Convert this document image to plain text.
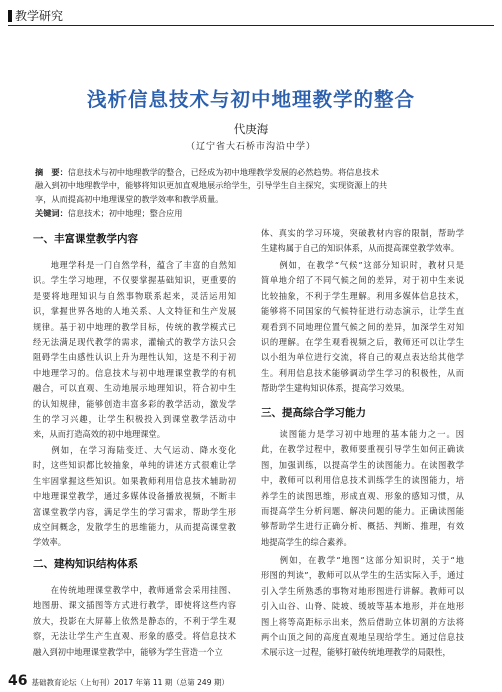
教学研究
浅析信息技术与初中地理教学的整合
代庚海
（辽宁省大石桥市沟沿中学）
摘　要：信息技术与初中地理教学的整合，已经成为初中地理教学发展的必然趋势。将信息技术
融入到初中地理教学中，能够将知识更加直观地展示给学生，引导学生自主探究，实现资源上的共
享，从而提高初中地理课堂的教学效率和教学质量。
关键词：信息技术；初中地理；整合应用
一、丰富课堂教学内容
　　地理学科是一门自然学科，蕴含了丰富的自然知
识。学生学习地理，不仅要掌握基础知识，更重要的
是要将地理知识与自然事物联系起来，灵活运用知
识，掌握世界各地的人地关系、人文特征和生产发展
规律。基于初中地理的教学目标，传统的教学模式已
经无法满足现代教学的需求，灌输式的教学方法只会
阻碍学生由感性认识上升为理性认知，这是不利于初
中地理学习的。信息技术与初中地理课堂教学的有机
融合，可以直观、生动地展示地理知识，符合初中生
的认知规律，能够创造丰富多彩的教学活动，激发学
生的学习兴趣，让学生积极投入到课堂教学活动中
来，从而打造高效的初中地理课堂。
　　例如，在学习海陆变迁、大气运动、降水变化
时，这些知识都比较抽象，单纯的讲述方式很难让学
生牢固掌握这些知识。如果教师利用信息技术辅助初
中地理课堂教学，通过多媒体设备播放视频，不断丰
富课堂教学内容，满足学生的学习需求，帮助学生形
成空间概念，发散学生的思维能力，从而提高课堂教
学效率。
二、建构知识结构体系
　　在传统地理课堂教学中，教师通常会采用挂图、
地图册、课文插图等方式进行教学，即使将这些内容
放大，投影在大屏幕上依然是静态的，不利于学生观
察，无法让学生产生直观、形象的感受。将信息技术
融入到初中地理课堂教学中，能够为学生营造一个立
体、真实的学习环境，突破教材内容的限制，帮助学
生建构属于自己的知识体系，从而提高课堂教学效率。
　　例如，在教学“气候”这部分知识时，教材只是
简单地介绍了不同气候之间的差异，对于初中生来说
比较抽象，不利于学生理解。利用多媒体信息技术，
能够将不同国家的气候特征进行动态演示，让学生直
观看到不同地理位置气候之间的差异，加深学生对知
识的理解。在学生观看视频之后，教师还可以让学生
以小组为单位进行交流，将自己的观点表达给其他学
生。利用信息技术能够调动学生学习的积极性，从而
帮助学生建构知识体系，提高学习效果。
三、提高综合学习能力
　　读图能力是学习初中地理的基本能力之一。因
此，在教学过程中，教师要重视引导学生如何正确读
图，加强训练，以提高学生的读图能力。在读图教学
中，教师可以利用信息技术训练学生的读图能力，培
养学生的读图思维，形成直观、形象的感知习惯，从
而提高学生分析问题、解决问题的能力。正确读图能
够帮助学生进行正确分析、概括、判断、推理，有效
地提高学生的综合素养。
　　例如，在教学“地图”这部分知识时，关于“地
形图的判读”，教师可以从学生的生活实际入手，通过
引入学生所熟悉的事物对地形图进行讲解。教师可以
引入山谷、山脊、陡坡、缓坡等基本地形，并在地形
图上将等高距标示出来，然后借助立体切割的方法将
两个山顶之间的高度直观地呈现给学生。通过信息技
术展示这一过程，能够打破传统地理教学的局限性，
46 基础教育论坛（上旬刊）2017 年第 11 期（总第 249 期）
